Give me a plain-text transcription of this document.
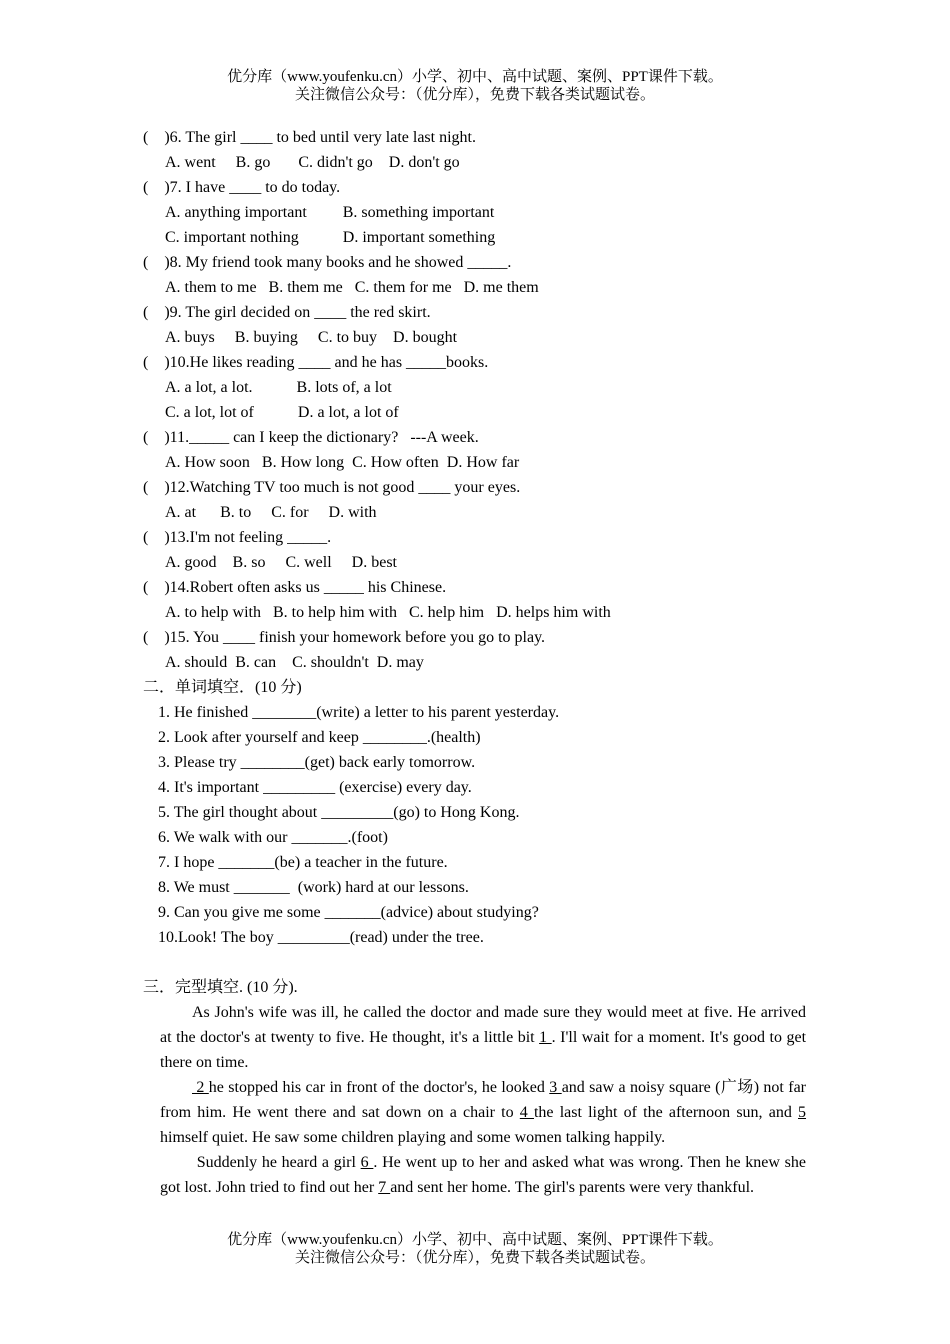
优分库（www.youfenku.cn）小学、初中、高中试题、案例、PPT课件下载。
关注微信公众号：（优分库），免费下载各类试题试卷。
(    )6. The girl ____ to bed until very late last night.
A. went     B. go       C. didn't go    D. don't go
(    )7. I have ____ to do today.
A. anything important         B. something important
C. important nothing           D. important something
(    )8. My friend took many books and he showed _____.
A. them to me   B. them me   C. them for me   D. me them
(    )9. The girl decided on ____ the red skirt.
A. buys     B. buying     C. to buy    D. bought
(    )10.He likes reading ____ and he has _____books.
A. a lot, a lot.           B. lots of, a lot
C. a lot, lot of           D. a lot, a lot of
(    )11._____ can I keep the dictionary?   ---A week.
A. How soon   B. How long  C. How often  D. How far
(    )12.Watching TV too much is not good ____ your eyes.
A. at      B. to     C. for     D. with
(    )13.I'm not feeling _____.
A. good    B. so     C. well     D. best
(    )14.Robert often asks us _____ his Chinese.
A. to help with   B. to help him with   C. help him   D. helps him with
(    )15. You ____ finish your homework before you go to play.
A. should  B. can    C. shouldn't  D. may
二．单词填空．(10 分)
1. He finished ________(write) a letter to his parent yesterday.
2. Look after yourself and keep ________.(health)
3. Please try ________(get) back early tomorrow.
4. It's important _________ (exercise) every day.
5. The girl thought about _________(go) to Hong Kong.
6. We walk with our _______.(foot)
7. I hope _______(be) a teacher in the future.
8. We must _______  (work) hard at our lessons.
9. Can you give me some _______(advice) about studying?
10.Look! The boy _________(read) under the tree.
三．完型填空. (10 分).
As John's wife was ill, he called the doctor and made sure they would meet at five. He arrived at the doctor's at twenty to five. He thought, it's a little bit 1 . I'll wait for a moment. It's good to get there on time.
2 he stopped his car in front of the doctor's, he looked 3 and saw a noisy square (广场) not far from him. He went there and sat down on a chair to 4 the last light of the afternoon sun, and 5 himself quiet. He saw some children playing and some women talking happily.
Suddenly he heard a girl 6 . He went up to her and asked what was wrong. Then he knew she got lost. John tried to find out her 7 and sent her home. The girl's parents were very thankful.
优分库（www.youfenku.cn）小学、初中、高中试题、案例、PPT课件下载。
关注微信公众号：（优分库），免费下载各类试题试卷。
